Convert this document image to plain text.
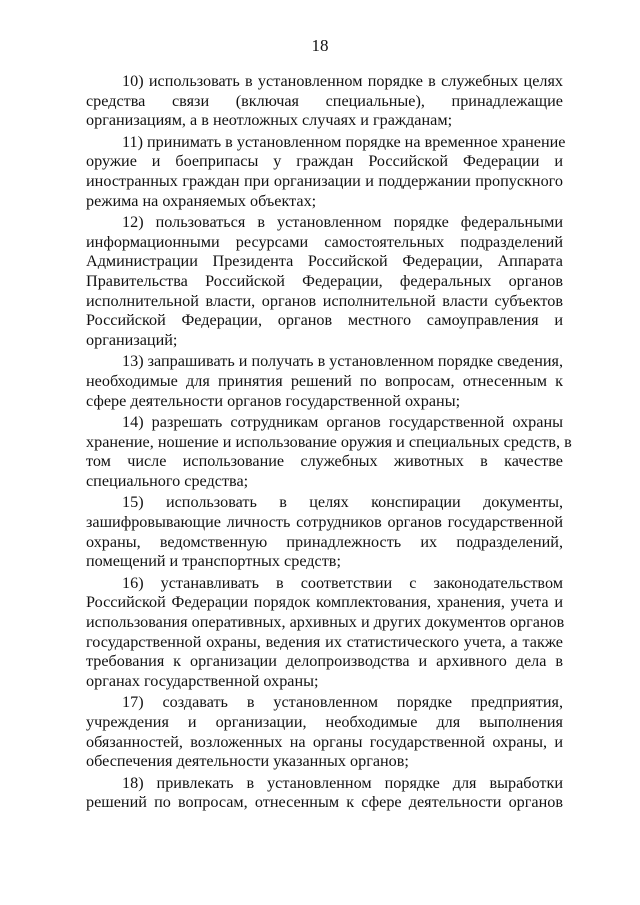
18
10) использовать в установленном порядке в служебных целях
средства связи (включая специальные), принадлежащие
организациям, а в неотложных случаях и гражданам;
11) принимать в установленном порядке на временное хранение
оружие и боеприпасы у граждан Российской Федерации и
иностранных граждан при организации и поддержании пропускного
режима на охраняемых объектах;
12) пользоваться в установленном порядке федеральными
информационными ресурсами самостоятельных подразделений
Администрации Президента Российской Федерации, Аппарата
Правительства Российской Федерации, федеральных органов
исполнительной власти, органов исполнительной власти субъектов
Российской Федерации, органов местного самоуправления и
организаций;
13) запрашивать и получать в установленном порядке сведения,
необходимые для принятия решений по вопросам, отнесенным к
сфере деятельности органов государственной охраны;
14) разрешать сотрудникам органов государственной охраны
хранение, ношение и использование оружия и специальных средств, в
том числе использование служебных животных в качестве
специального средства;
15) использовать в целях конспирации документы,
зашифровывающие личность сотрудников органов государственной
охраны, ведомственную принадлежность их подразделений,
помещений и транспортных средств;
16) устанавливать в соответствии с законодательством
Российской Федерации порядок комплектования, хранения, учета и
использования оперативных, архивных и других документов органов
государственной охраны, ведения их статистического учета, а также
требования к организации делопроизводства и архивного дела в
органах государственной охраны;
17) создавать в установленном порядке предприятия,
учреждения и организации, необходимые для выполнения
обязанностей, возложенных на органы государственной охраны, и
обеспечения деятельности указанных органов;
18) привлекать в установленном порядке для выработки
решений по вопросам, отнесенным к сфере деятельности органов
